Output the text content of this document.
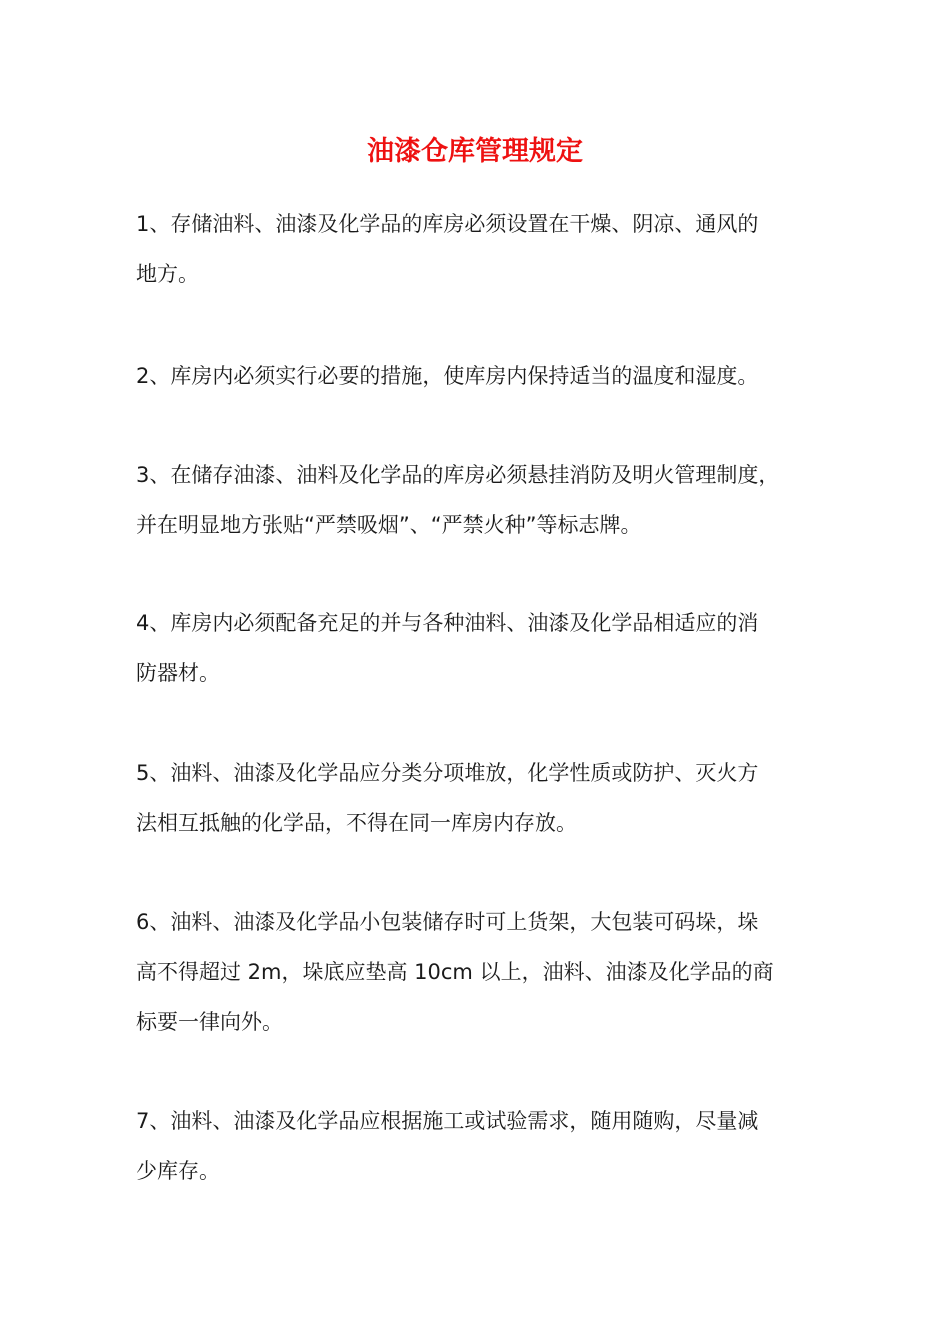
油漆仓库管理规定

1、存储油料、油漆及化学品的库房必须设置在干燥、阴凉、通风的
地方。

2、库房内必须实行必要的措施，使库房内保持适当的温度和湿度。

3、在储存油漆、油料及化学品的库房必须悬挂消防及明火管理制度，
并在明显地方张贴“严禁吸烟”、“严禁火种”等标志牌。

4、库房内必须配备充足的并与各种油料、油漆及化学品相适应的消
防器材。

5、油料、油漆及化学品应分类分项堆放，化学性质或防护、灭火方
法相互抵触的化学品，不得在同一库房内存放。

6、油料、油漆及化学品小包装储存时可上货架，大包装可码垛，垛
高不得超过 2m，垛底应垫高 10cm 以上，油料、油漆及化学品的商
标要一律向外。

7、油料、油漆及化学品应根据施工或试验需求，随用随购，尽量减
少库存。
